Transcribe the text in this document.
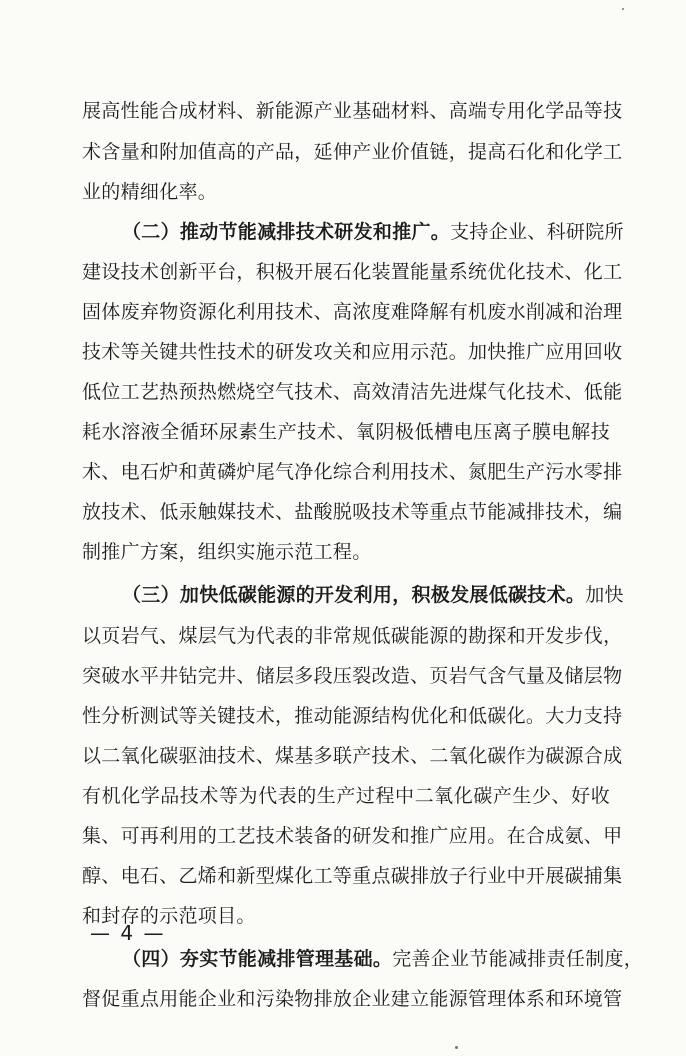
展高性能合成材料、新能源产业基础材料、高端专用化学品等技
术含量和附加值高的产品，延伸产业价值链，提高石化和化学工
业的精细化率。
（二）推动节能减排技术研发和推广。支持企业、科研院所
建设技术创新平台，积极开展石化装置能量系统优化技术、化工
固体废弃物资源化利用技术、高浓度难降解有机废水削减和治理
技术等关键共性技术的研发攻关和应用示范。加快推广应用回收
低位工艺热预热燃烧空气技术、高效清洁先进煤气化技术、低能
耗水溶液全循环尿素生产技术、氧阴极低槽电压离子膜电解技
术、电石炉和黄磷炉尾气净化综合利用技术、氮肥生产污水零排
放技术、低汞触媒技术、盐酸脱吸技术等重点节能减排技术，编
制推广方案，组织实施示范工程。
（三）加快低碳能源的开发利用，积极发展低碳技术。加快
以页岩气、煤层气为代表的非常规低碳能源的勘探和开发步伐，
突破水平井钻完井、储层多段压裂改造、页岩气含气量及储层物
性分析测试等关键技术，推动能源结构优化和低碳化。大力支持
以二氧化碳驱油技术、煤基多联产技术、二氧化碳作为碳源合成
有机化学品技术等为代表的生产过程中二氧化碳产生少、好收
集、可再利用的工艺技术装备的研发和推广应用。在合成氨、甲
醇、电石、乙烯和新型煤化工等重点碳排放子行业中开展碳捕集
和封存的示范项目。
（四）夯实节能减排管理基础。完善企业节能减排责任制度，
督促重点用能企业和污染物排放企业建立能源管理体系和环境管
— 4 —
